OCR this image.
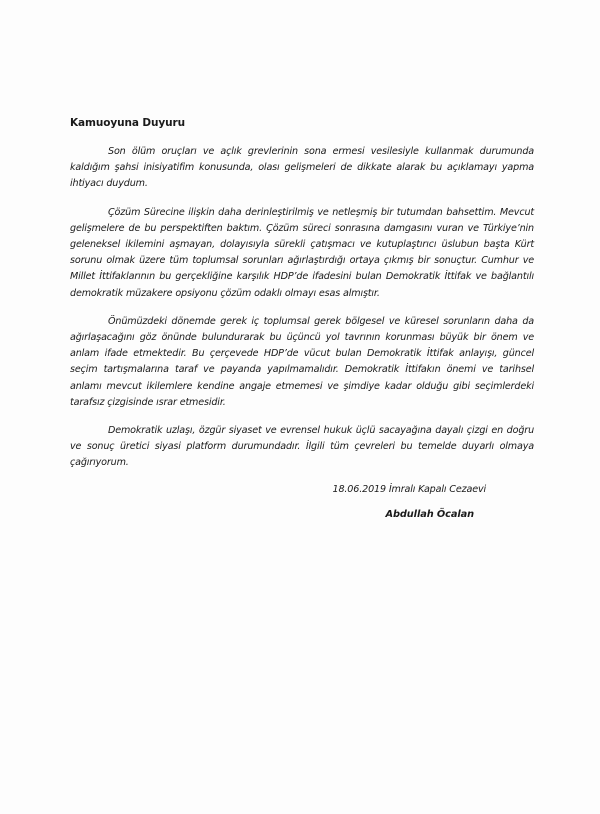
Kamuoyuna Duyuru

Son ölüm oruçları ve açlık grevlerinin sona ermesi vesilesiyle kullanmak durumunda kaldığım şahsi inisiyatifim konusunda, olası gelişmeleri de dikkate alarak bu açıklamayı yapma ihtiyacı duydum.

Çözüm Sürecine ilişkin daha derinleştirilmiş ve netleşmiş bir tutumdan bahsettim. Mevcut gelişmelere de bu perspektiften baktım. Çözüm süreci sonrasına damgasını vuran ve Türkiye’nin geleneksel ikilemini aşmayan, dolayısıyla sürekli çatışmacı ve kutuplaştırıcı üslubun başta Kürt sorunu olmak üzere tüm toplumsal sorunları ağırlaştırdığı ortaya çıkmış bir sonuçtur. Cumhur ve Millet İttifaklarının bu gerçekliğine karşılık HDP’de ifadesini bulan Demokratik İttifak ve bağlantılı demokratik müzakere opsiyonu çözüm odaklı olmayı esas almıştır.

Önümüzdeki dönemde gerek iç toplumsal gerek bölgesel ve küresel sorunların daha da ağırlaşacağını göz önünde bulundurarak bu üçüncü yol tavrının korunması büyük bir önem ve anlam ifade etmektedir. Bu çerçevede HDP’de vücut bulan Demokratik İttifak anlayışı, güncel seçim tartışmalarına taraf ve payanda yapılmamalıdır. Demokratik İttifakın önemi ve tarihsel anlamı mevcut ikilemlere kendine angaje etmemesi ve şimdiye kadar olduğu gibi seçimlerdeki tarafsız çizgisinde ısrar etmesidir.

Demokratik uzlaşı, özgür siyaset ve evrensel hukuk üçlü sacayağına dayalı çizgi en doğru ve sonuç üretici siyasi platform durumundadır. İlgili tüm çevreleri bu temelde duyarlı olmaya çağırıyorum.

18.06.2019 İmralı Kapalı Cezaevi

Abdullah Öcalan
